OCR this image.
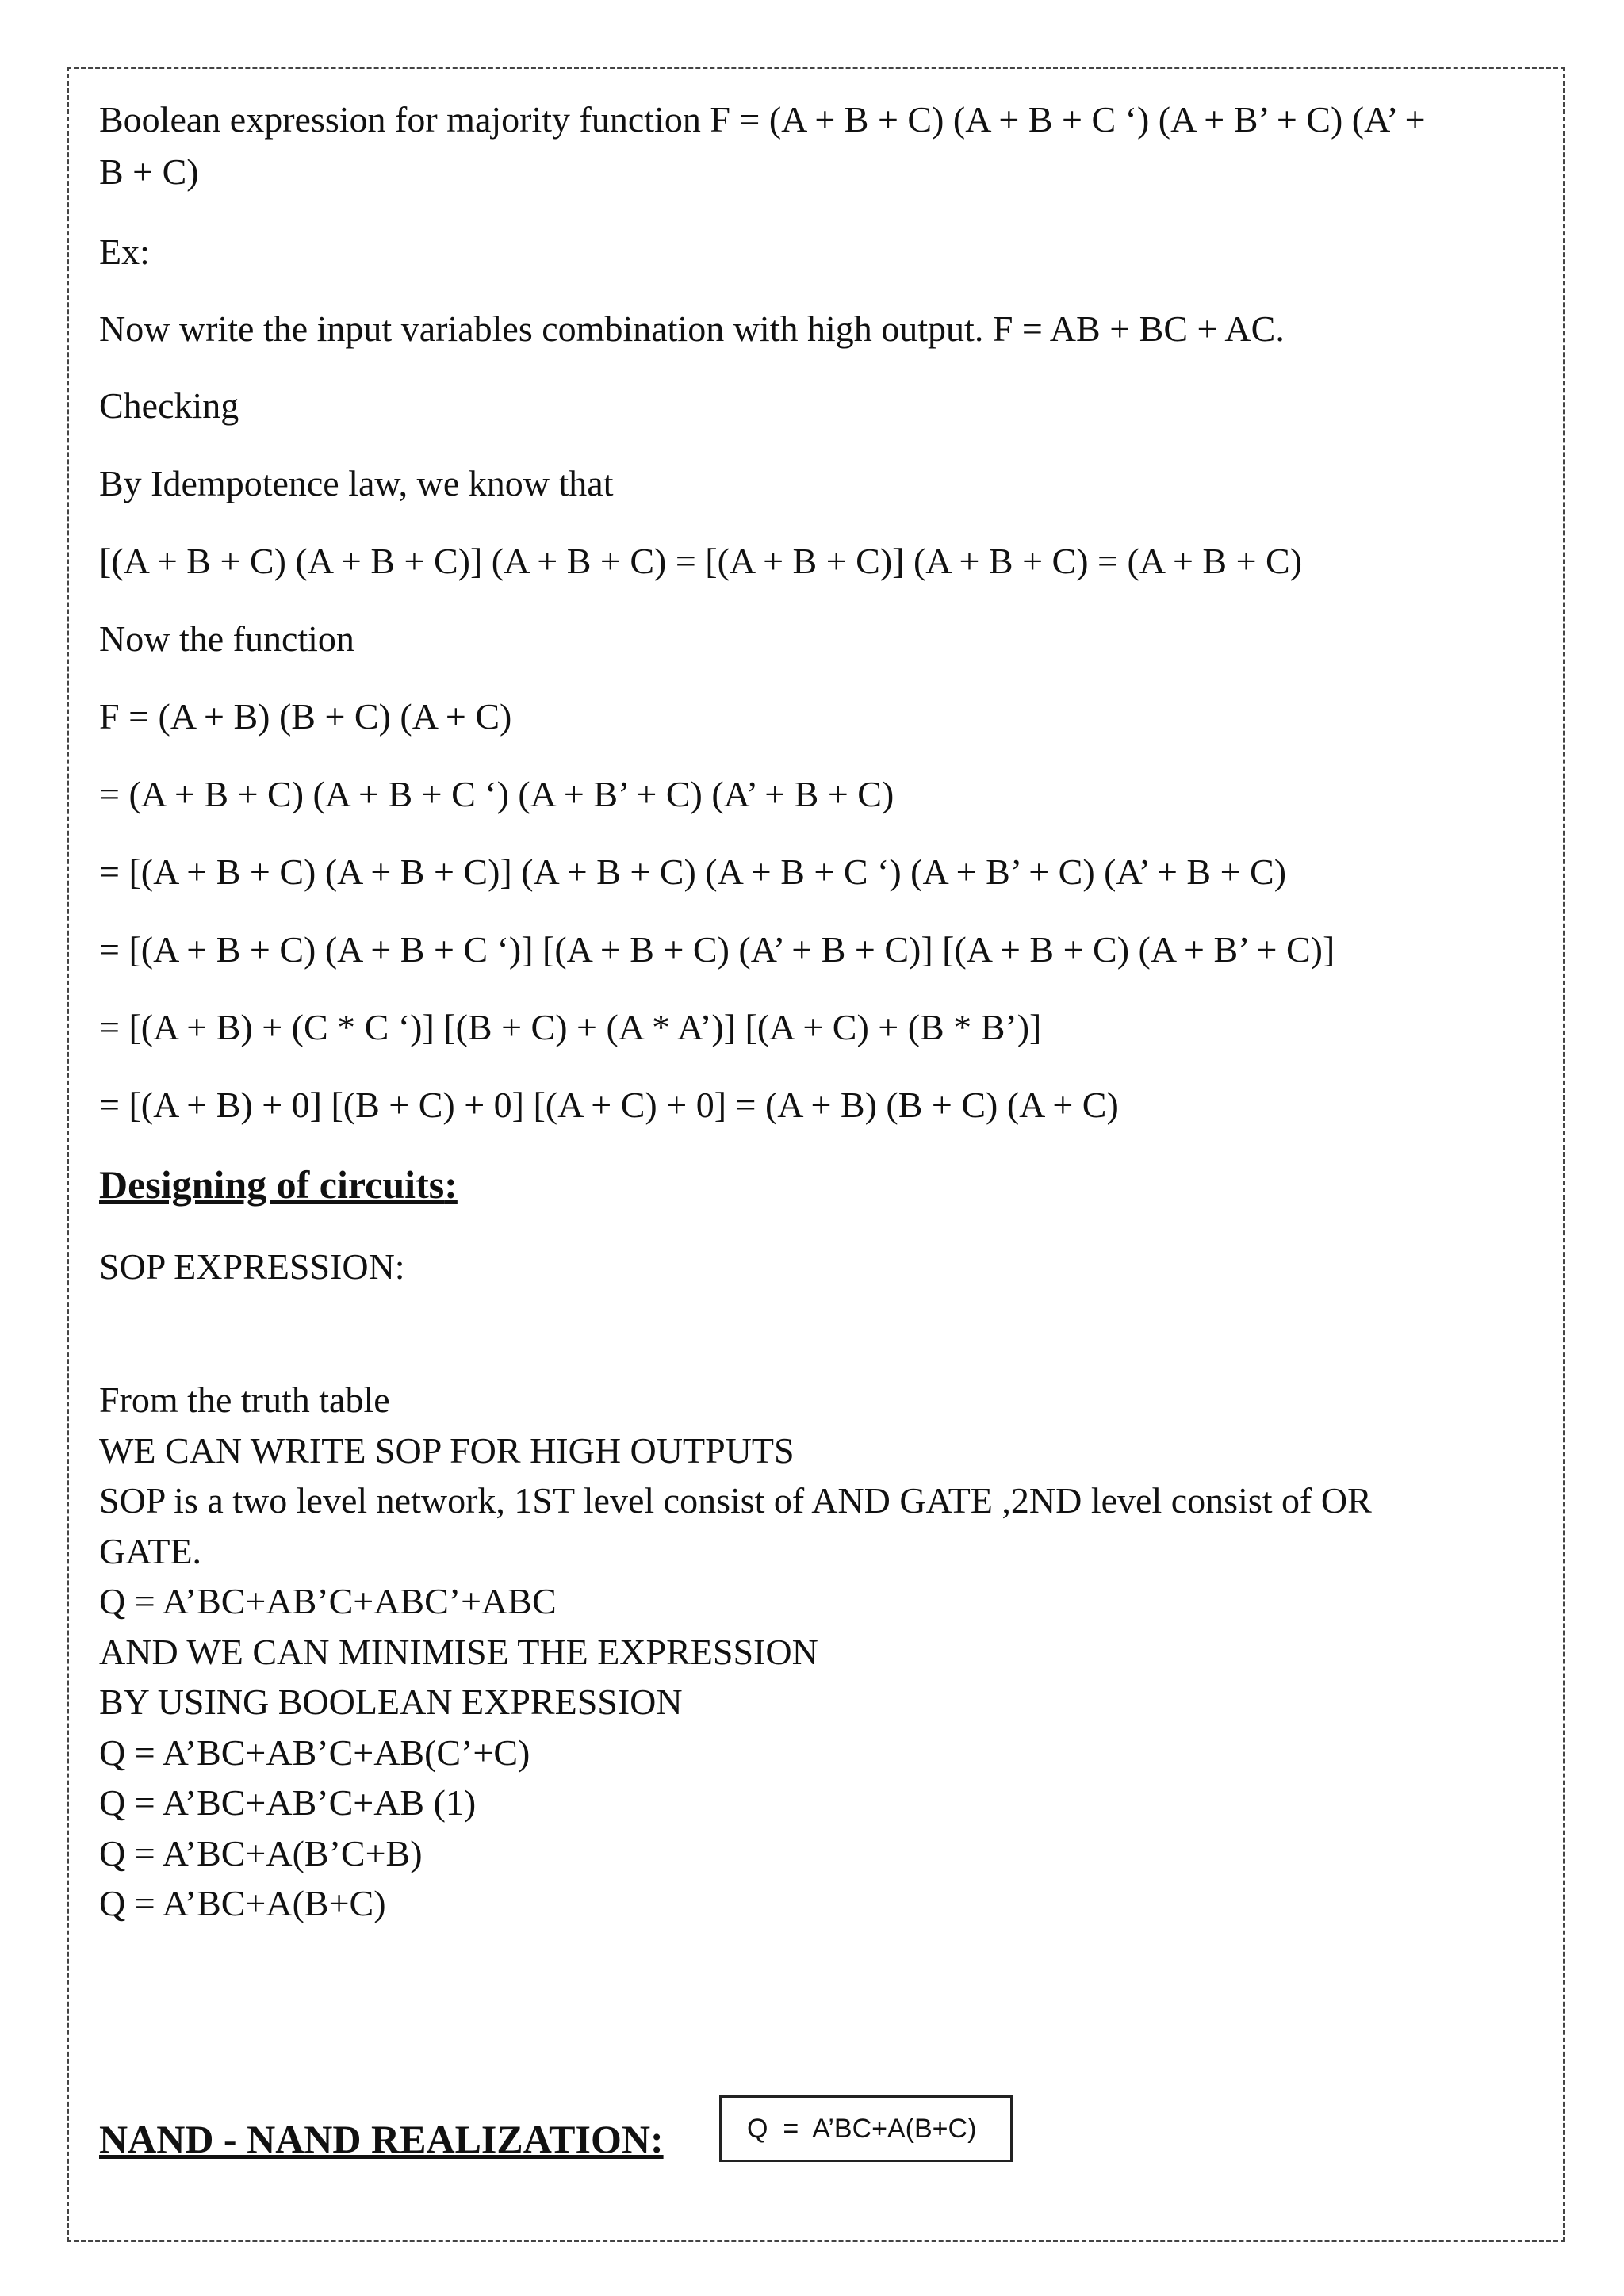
Boolean expression for majority function F = (A + B + C) (A + B + C ‘) (A + B’ + C) (A’ +

B + C)

Ex:

Now write the input variables combination with high output. F = AB + BC + AC.

Checking

By Idempotence law, we know that

[(A + B + C) (A + B + C)] (A + B + C) = [(A + B + C)] (A + B + C) = (A + B + C)

Now the function

F = (A + B) (B + C) (A + C)

= (A + B + C) (A + B + C ‘) (A + B’ + C) (A’ + B + C)

= [(A + B + C) (A + B + C)] (A + B + C) (A + B + C ‘) (A + B’ + C) (A’ + B + C)

= [(A + B + C) (A + B + C ‘)] [(A + B + C) (A’ + B + C)] [(A + B + C) (A + B’ + C)]

= [(A + B) + (C * C ‘)] [(B + C) + (A * A’)] [(A + C) + (B * B’)]

= [(A + B) + 0] [(B + C) + 0] [(A + C) + 0] = (A + B) (B + C) (A + C)

Designing of circuits:

SOP EXPRESSION:

From the truth table
WE CAN WRITE SOP FOR HIGH OUTPUTS
SOP is a two level network, 1ST level consist of AND GATE ,2ND level consist of OR
GATE.
Q = A’BC+AB’C+ABC’+ABC
AND WE CAN MINIMISE THE EXPRESSION
BY USING BOOLEAN EXPRESSION
Q = A’BC+AB’C+AB(C’+C)
Q = A’BC+AB’C+AB (1)
Q = A’BC+A(B’C+B)
Q = A’BC+A(B+C)

NAND - NAND REALIZATION:	Q  =  A’BC+A(B+C)
